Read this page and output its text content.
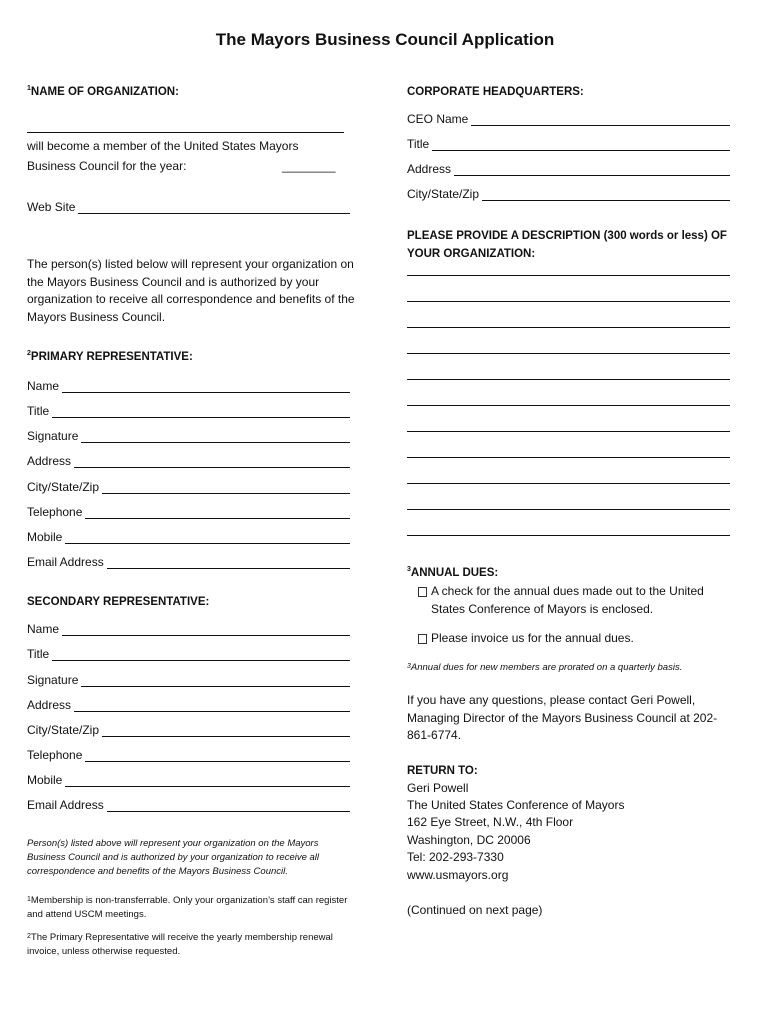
The Mayors Business Council Application
$^1$NAME OF ORGANIZATION:
will become a member of the United States Mayors
Business Council for the year:	________
Web Site
The person(s) listed below will represent your organization on the Mayors Business Council and is authorized by your organization to receive all correspondence and benefits of the Mayors Business Council.
$^2$PRIMARY REPRESENTATIVE:
Name
Title
Signature
Address
City/State/Zip
Telephone
Mobile
Email Address
SECONDARY REPRESENTATIVE:
Name
Title
Signature
Address
City/State/Zip
Telephone
Mobile
Email Address
Person(s) listed above will represent your organization on the Mayors Business Council and is authorized by your organization to receive all correspondence and benefits of the Mayors Business Council.
$^1$Membership is non-transferrable. Only your organization’s staff can register and attend USCM meetings.
$^2$The Primary Representative will receive the yearly membership renewal invoice, unless otherwise requested.
CORPORATE HEADQUARTERS:
CEO Name
Title
Address
City/State/Zip
PLEASE PROVIDE A DESCRIPTION (300 words or less) OF YOUR ORGANIZATION:
$^3$ANNUAL DUES:
A check for the annual dues made out to the United States Conference of Mayors is enclosed.
Please invoice us for the annual dues.
$^3$Annual dues for new members are prorated on a quarterly basis.
If you have any questions, please contact Geri Powell, Managing Director of the Mayors Business Council at 202-861-6774.
RETURN TO:
Geri Powell
The United States Conference of Mayors
162 Eye Street, N.W., 4th Floor
Washington, DC 20006
Tel: 202-293-7330
www.usmayors.org
(Continued on next page)
